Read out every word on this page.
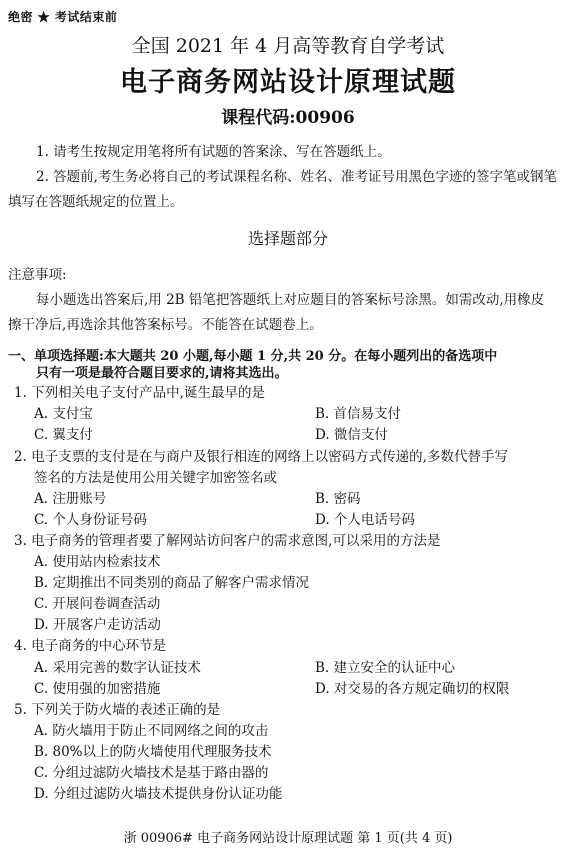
绝密 ★ 考试结束前
全国 2021 年 4 月高等教育自学考试
电子商务网站设计原理试题
课程代码:00906
1. 请考生按规定用笔将所有试题的答案涂、写在答题纸上。
2. 答题前,考生务必将自己的考试课程名称、姓名、准考证号用黑色字迹的签字笔或钢笔
填写在答题纸规定的位置上。
选择题部分
注意事项:
每小题选出答案后,用 2B 铅笔把答题纸上对应题目的答案标号涂黑。如需改动,用橡皮
擦干净后,再选涂其他答案标号。不能答在试题卷上。
一、单项选择题:本大题共 20 小题,每小题 1 分,共 20 分。在每小题列出的备选项中
只有一项是最符合题目要求的,请将其选出。
1. 下列相关电子支付产品中,诞生最早的是
A. 支付宝	B. 首信易支付
C. 翼支付	D. 微信支付
2. 电子支票的支付是在与商户及银行相连的网络上以密码方式传递的,多数代替手写
签名的方法是使用公用关键字加密签名或
A. 注册账号	B. 密码
C. 个人身份证号码	D. 个人电话号码
3. 电子商务的管理者要了解网站访问客户的需求意图,可以采用的方法是
A. 使用站内检索技术
B. 定期推出不同类别的商品了解客户需求情况
C. 开展问卷调查活动
D. 开展客户走访活动
4. 电子商务的中心环节是
A. 采用完善的数字认证技术	B. 建立安全的认证中心
C. 使用强的加密措施	D. 对交易的各方规定确切的权限
5. 下列关于防火墙的表述正确的是
A. 防火墙用于防止不同网络之间的攻击
B. 80%以上的防火墙使用代理服务技术
C. 分组过滤防火墙技术是基于路由器的
D. 分组过滤防火墙技术提供身份认证功能
浙 00906# 电子商务网站设计原理试题 第 1 页(共 4 页)
